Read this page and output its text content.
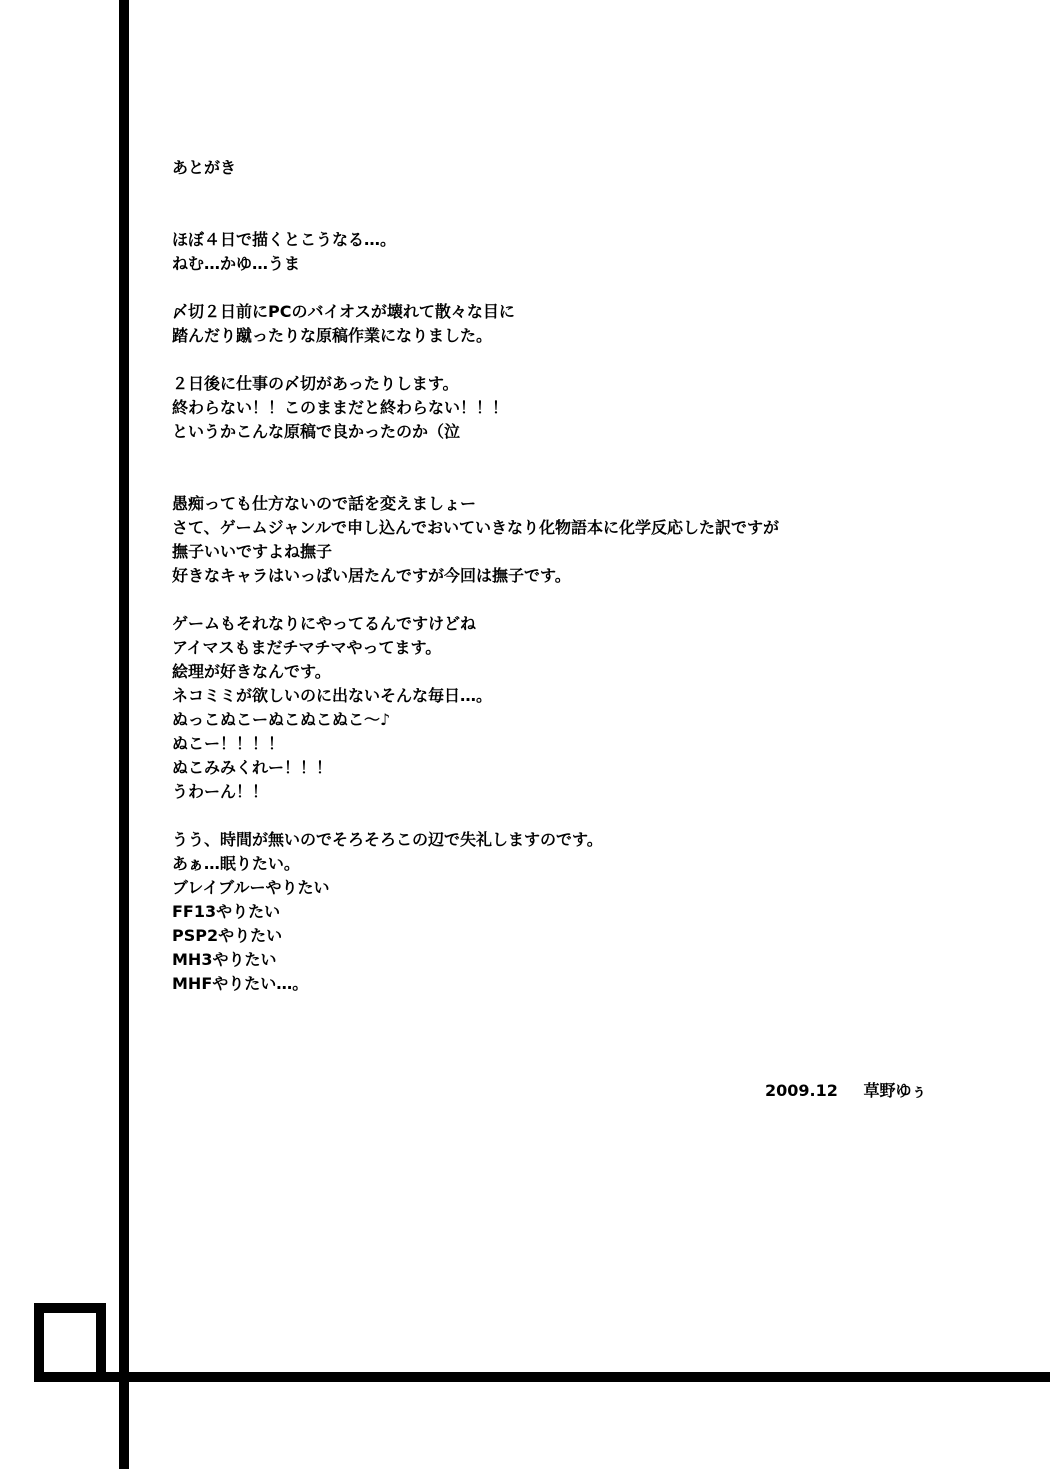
あとがき
ほぼ４日で描くとこうなる…。
ねむ…かゆ…うま
〆切２日前にPCのバイオスが壊れて散々な目に
踏んだり蹴ったりな原稿作業になりました。
２日後に仕事の〆切があったりします。
終わらない！！このままだと終わらない！！！
というかこんな原稿で良かったのか（泣
愚痴っても仕方ないので話を変えましょー
さて、ゲームジャンルで申し込んでおいていきなり化物語本に化学反応した訳ですが
撫子いいですよね撫子
好きなキャラはいっぱい居たんですが今回は撫子です。
ゲームもそれなりにやってるんですけどね
アイマスもまだチマチマやってます。
絵理が好きなんです。
ネコミミが欲しいのに出ないそんな毎日…。
ぬっこぬこーぬこぬこぬこ～♪
ぬこー！！！！
ぬこみみくれー！！！
うわーん！！
うう、時間が無いのでそろそろこの辺で失礼しますのです。
あぁ…眠りたい。
ブレイブルーやりたい
FF13やりたい
PSP2やりたい
MH3やりたい
MHFやりたい…。
2009.12 草野ゆぅ
